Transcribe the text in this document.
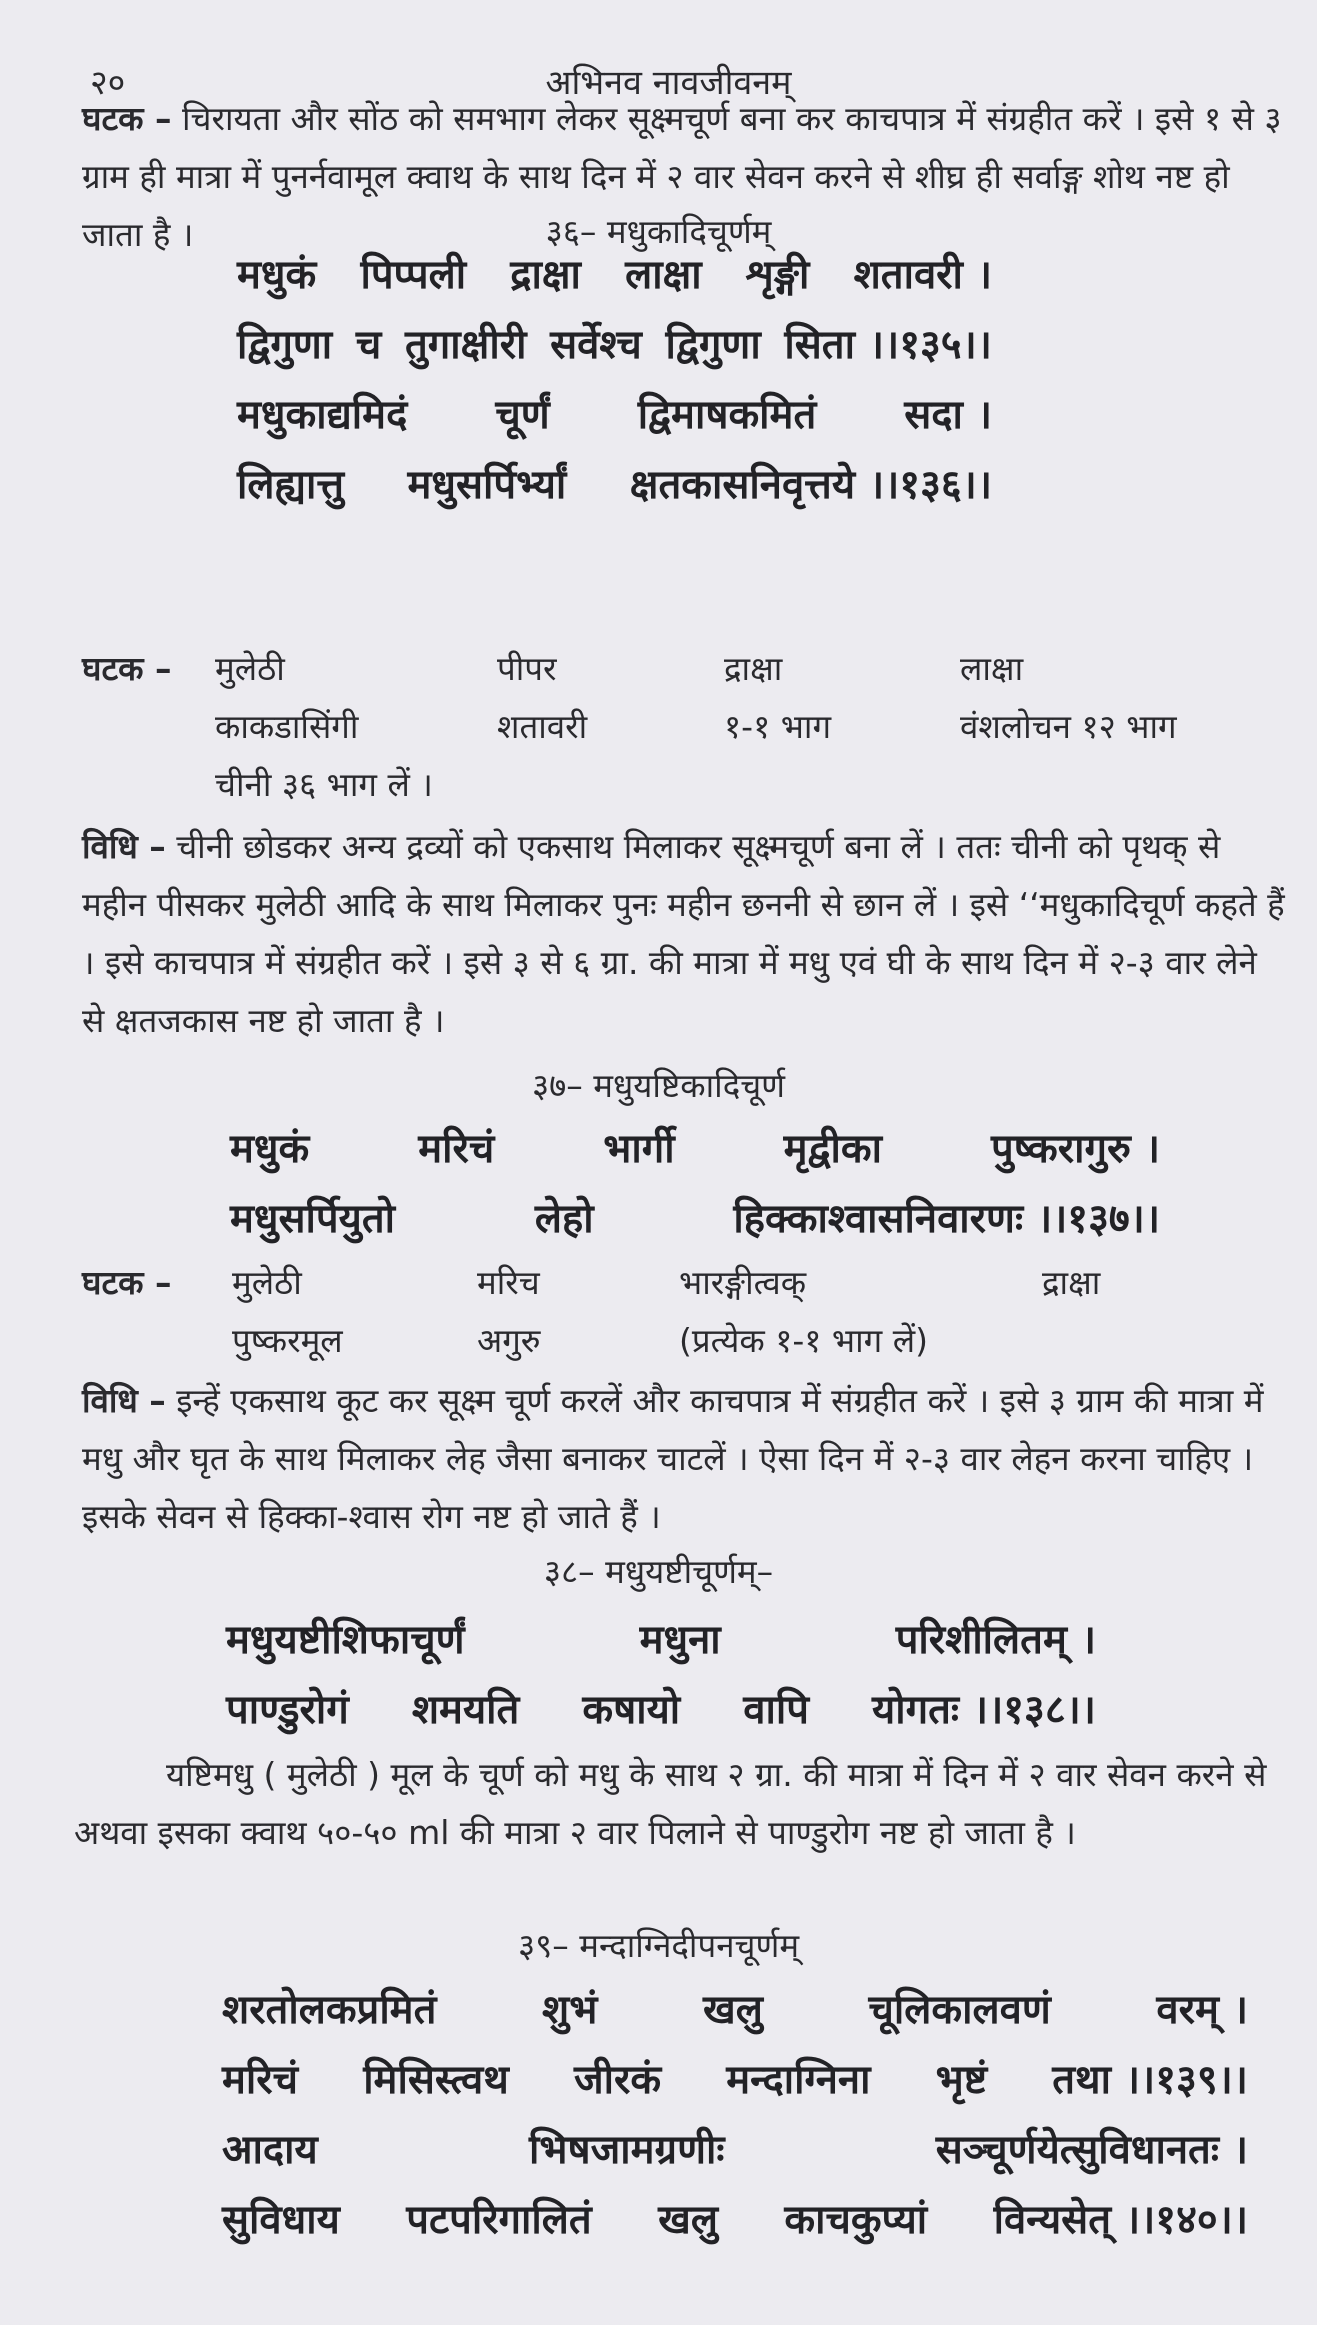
२०	अभिनव नावजीवनम्
घटक – चिरायता और सोंठ को समभाग लेकर सूक्ष्मचूर्ण बना कर काचपात्र में संग्रहीत करें । इसे १ से ३ ग्राम ही मात्रा में पुनर्नवामूल क्वाथ के साथ दिन में २ वार सेवन करने से शीघ्र ही सर्वाङ्ग शोथ नष्ट हो जाता है ।	३६– मधुकादिचूर्णम्
मधुकं पिप्पली द्राक्षा लाक्षा शृङ्गी शतावरी ।
द्विगुणा च तुगाक्षीरी सर्वेश्च द्विगुणा सिता ।।१३५।।
मधुकाद्यमिदं चूर्णं द्विमाषकमितं सदा ।
लिह्यात्तु मधुसर्पिर्भ्यां क्षतकासनिवृत्तये ।।१३६।।
घटक – मुलेठी	पीपर	द्राक्षा	लाक्षा
काकडासिंगी	शतावरी	१-१ भाग	वंशलोचन १२ भाग
चीनी ३६ भाग लें ।
विधि – चीनी छोडकर अन्य द्रव्यों को एकसाथ मिलाकर सूक्ष्मचूर्ण बना लें । ततः चीनी को पृथक् से महीन पीसकर मुलेठी आदि के साथ मिलाकर पुनः महीन छननी से छान लें । इसे ‘‘मधुकादिचूर्ण कहते हैं । इसे काचपात्र में संग्रहीत करें । इसे ३ से ६ ग्रा. की मात्रा में मधु एवं घी के साथ दिन में २-३ वार लेने से क्षतजकास नष्ट हो जाता है ।
३७– मधुयष्टिकादिचूर्ण
मधुकं	मरिचं	भार्गी	मृद्वीका	पुष्करागुरु ।
मधुसर्पियुतो	लेहो	हिक्काश्वासनिवारणः ।।१३७।।
घटक – मुलेठी	मरिच	भारङ्गीत्वक्	द्राक्षा
पुष्करमूल	अगुरु	(प्रत्येक १-१ भाग लें)
विधि – इन्हें एकसाथ कूट कर सूक्ष्म चूर्ण करलें और काचपात्र में संग्रहीत करें । इसे ३ ग्राम की मात्रा में मधु और घृत के साथ मिलाकर लेह जैसा बनाकर चाटलें । ऐसा दिन में २-३ वार लेहन करना चाहिए । इसके सेवन से हिक्का-श्वास रोग नष्ट हो जाते हैं ।
३८– मधुयष्टीचूर्णम्–
मधुयष्टीशिफाचूर्णं	मधुना	परिशीलितम् ।
पाण्डुरोगं शमयति कषायो वापि योगतः ।।१३८।।
यष्टिमधु ( मुलेठी ) मूल के चूर्ण को मधु के साथ २ ग्रा. की मात्रा में दिन में २ वार सेवन करने से अथवा इसका क्वाथ ५०-५० ml की मात्रा २ वार पिलाने से पाण्डुरोग नष्ट हो जाता है ।
३९– मन्दाग्निदीपनचूर्णम्
शरतोलकप्रमितं	शुभं	खलु	चूलिकालवणं	वरम् ।
मरिचं मिसिस्त्वथ जीरकं मन्दाग्निना भृष्टं तथा ।।१३९।।
आदाय	भिषजामग्रणीः	सञ्चूर्णयेत्सुविधानतः ।
सुविधाय पटपरिगालितं खलु काचकुप्यां विन्यसेत् ।।१४०।।
